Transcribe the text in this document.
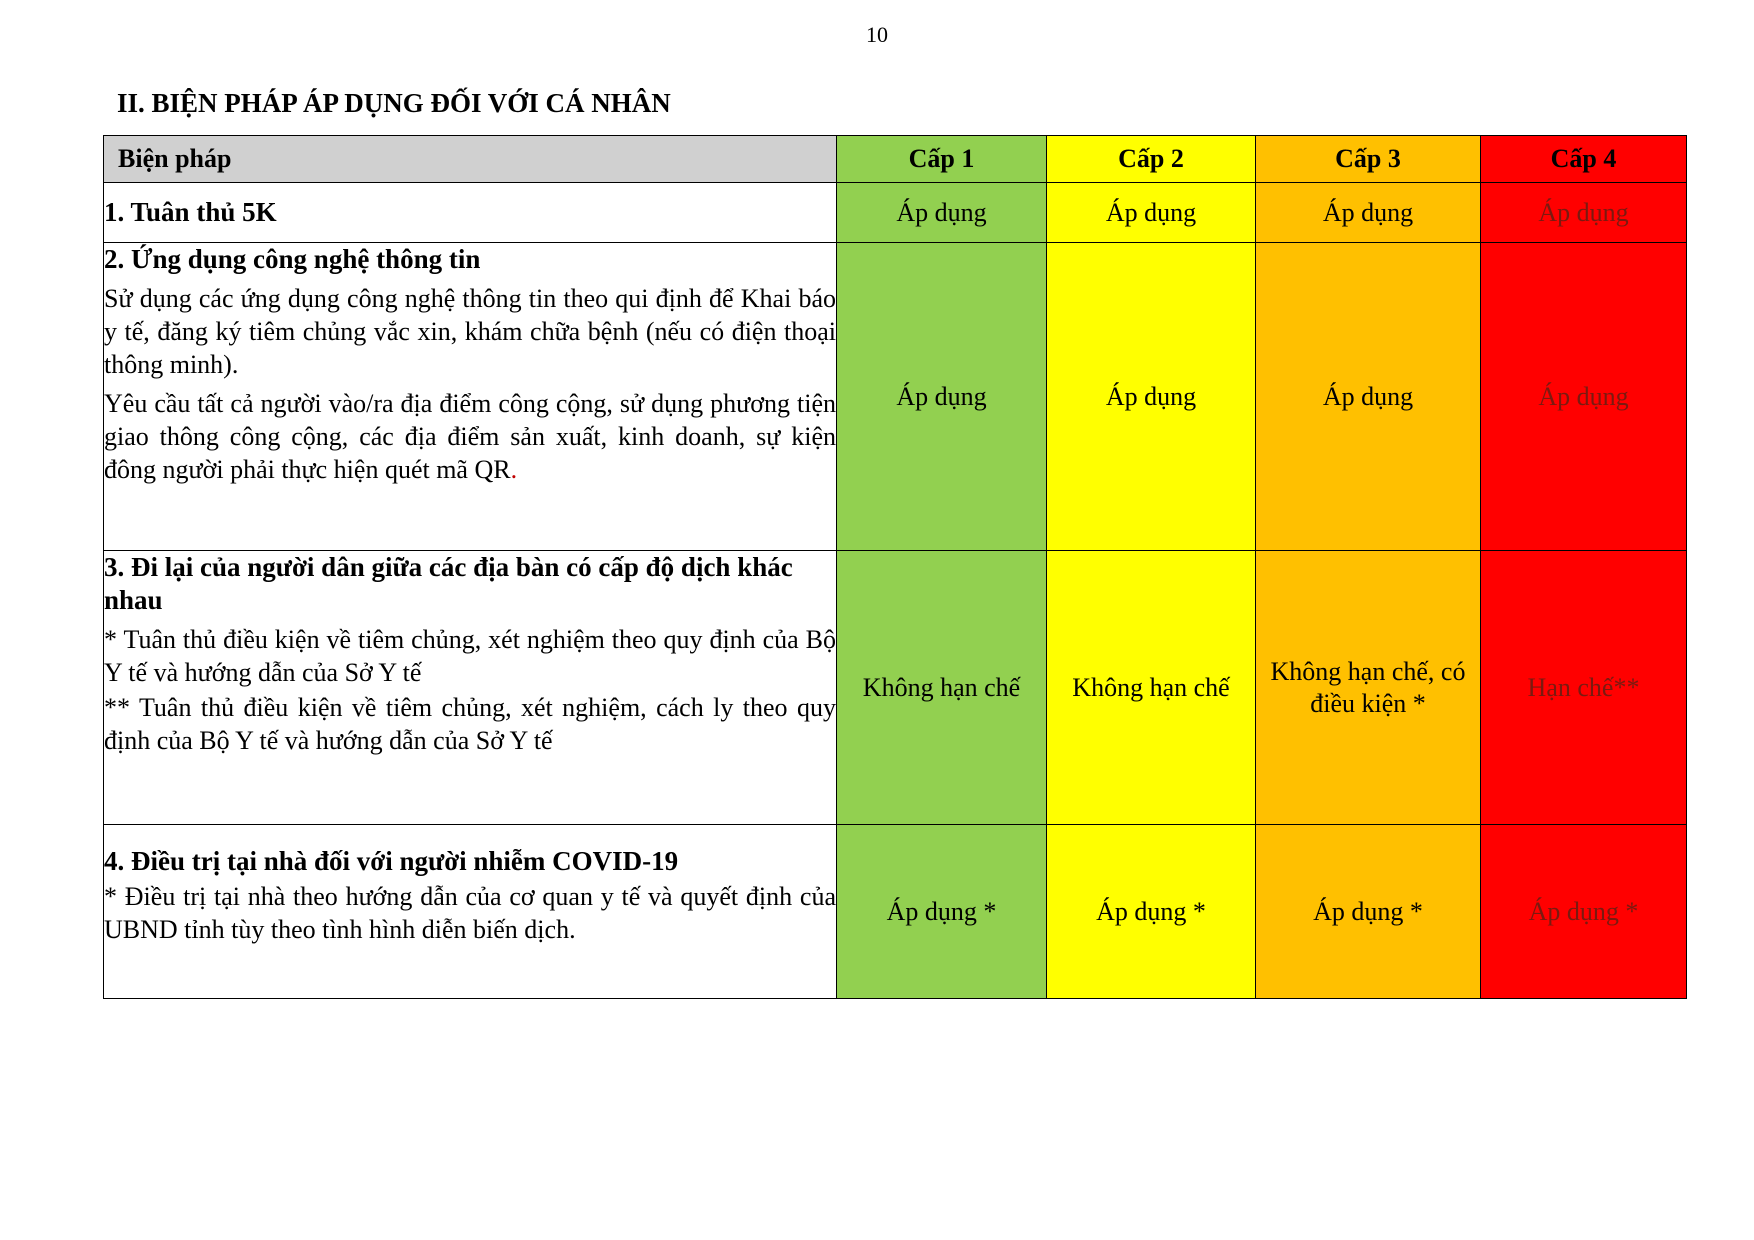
10
II. BIỆN PHÁP ÁP DỤNG ĐỐI VỚI CÁ NHÂN
Biện pháp	Cấp 1	Cấp 2	Cấp 3	Cấp 4

1. Tuân thủ 5K	Áp dụng	Áp dụng	Áp dụng	Áp dụng

2. Ứng dụng công nghệ thông tin

Sử dụng các ứng dụng công nghệ thông tin theo qui định để Khai báo y tế, đăng ký tiêm chủng vắc xin, khám chữa bệnh (nếu có điện thoại thông minh).

Yêu cầu tất cả người vào/ra địa điểm công cộng, sử dụng phương tiện giao thông công cộng, các địa điểm sản xuất, kinh doanh, sự kiện đông người phải thực hiện quét mã QR.	Áp dụng	Áp dụng	Áp dụng	Áp dụng

3. Đi lại của người dân giữa các địa bàn có cấp độ dịch khác nhau

* Tuân thủ điều kiện về tiêm chủng, xét nghiệm theo quy định của Bộ Y tế và hướng dẫn của Sở Y tế

** Tuân thủ điều kiện về tiêm chủng, xét nghiệm, cách ly theo quy định của Bộ Y tế và hướng dẫn của Sở Y tế	Không hạn chế	Không hạn chế	Không hạn chế, có điều kiện *	Hạn chế**

4. Điều trị tại nhà đối với người nhiễm COVID-19

* Điều trị tại nhà theo hướng dẫn của cơ quan y tế và quyết định của UBND tỉnh tùy theo tình hình diễn biến dịch.	Áp dụng *	Áp dụng *	Áp dụng *	Áp dụng *
